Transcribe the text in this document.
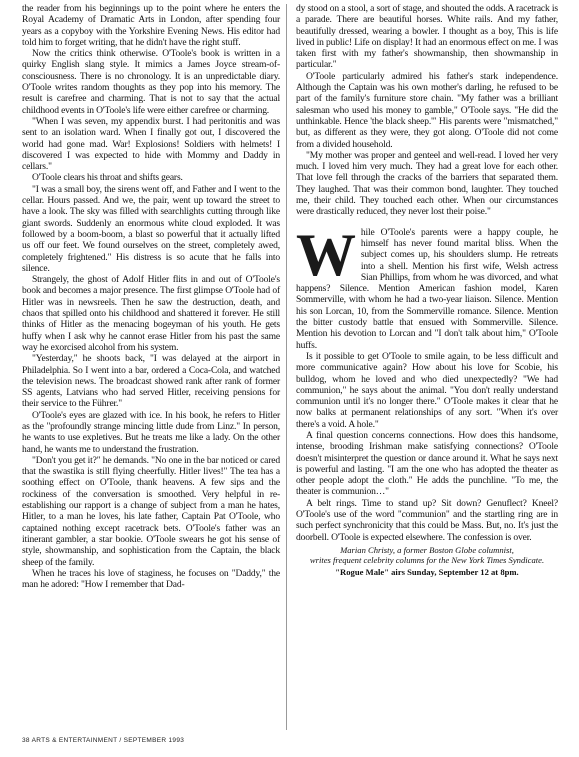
the reader from his beginnings up to the point where he enters the Royal Academy of Dramatic Arts in London, after spending four years as a copyboy with the Yorkshire Evening News. His editor had told him to forget writing, that he didn't have the right stuff.

Now the critics think otherwise. O'Toole's book is written in a quirky English slang style. It mimics a James Joyce stream-of-consciousness. There is no chronology. It is an unpredictable diary. O'Toole writes random thoughts as they pop into his memory. The result is carefree and charming. That is not to say that the actual childhood events in O'Toole's life were either carefree or charming.

"When I was seven, my appendix burst. I had peritonitis and was sent to an isolation ward. When I finally got out, I discovered the world had gone mad. War! Explosions! Soldiers with helmets! I discovered I was expected to hide with Mommy and Daddy in cellars."

O'Toole clears his throat and shifts gears.

"I was a small boy, the sirens went off, and Father and I went to the cellar. Hours passed. And we, the pair, went up toward the street to have a look. The sky was filled with searchlights cutting through like giant swords. Suddenly an enormous white cloud exploded. It was followed by a boom-boom, a blast so powerful that it actually lifted us off our feet. We found ourselves on the street, completely awed, completely frightened." His distress is so acute that he falls into silence.

Strangely, the ghost of Adolf Hitler flits in and out of O'Toole's book and becomes a major presence. The first glimpse O'Toole had of Hitler was in newsreels. Then he saw the destruction, death, and chaos that spilled onto his childhood and shattered it forever. He still thinks of Hitler as the menacing bogeyman of his youth. He gets huffy when I ask why he cannot erase Hitler from his past the same way he exorcised alcohol from his system.

"Yesterday," he shoots back, "I was delayed at the airport in Philadelphia. So I went into a bar, ordered a Coca-Cola, and watched the television news. The broadcast showed rank after rank of former SS agents, Latvians who had served Hitler, receiving pensions for their service to the Führer."

O'Toole's eyes are glazed with ice. In his book, he refers to Hitler as the "profoundly strange mincing little dude from Linz." In person, he wants to use expletives. But he treats me like a lady. On the other hand, he wants me to understand the frustration.

"Don't you get it?" he demands. "No one in the bar noticed or cared that the swastika is still flying cheerfully. Hitler lives!" The tea has a soothing effect on O'Toole, thank heavens. A few sips and the rockiness of the conversation is smoothed. Very helpful in re-establishing our rapport is a change of subject from a man he hates, Hitler, to a man he loves, his late father, Captain Pat O'Toole, who captained nothing except racetrack bets. O'Toole's father was an itinerant gambler, a star bookie. O'Toole swears he got his sense of style, showmanship, and sophistication from the Captain, the black sheep of the family.

When he traces his love of staginess, he focuses on "Daddy," the man he adored: "How I remember that Dad-

dy stood on a stool, a sort of stage, and shouted the odds. A racetrack is a parade. There are beautiful horses. White rails. And my father, beautifully dressed, wearing a bowler. I thought as a boy, This is life lived in public! Life on display! It had an enormous effect on me. I was taken first with my father's showmanship, then showmanship in particular."

O'Toole particularly admired his father's stark independence. Although the Captain was his own mother's darling, he refused to be part of the family's furniture store chain. "My father was a brilliant salesman who used his money to gamble," O'Toole says. "He did the unthinkable. Hence 'the black sheep.'" His parents were "mismatched," but, as different as they were, they got along. O'Toole did not come from a divided household.

"My mother was proper and genteel and well-read. I loved her very much. I loved him very much. They had a great love for each other. That love fell through the cracks of the barriers that separated them. They laughed. That was their common bond, laughter. They touched me, their child. They touched each other. When our circumstances were drastically reduced, they never lost their poise."

While O'Toole's parents were a happy couple, he himself has never found marital bliss. When the subject comes up, his shoulders slump. He retreats into a shell. Mention his first wife, Welsh actress Sian Phillips, from whom he was divorced, and what happens? Silence. Mention American fashion model, Karen Sommerville, with whom he had a two-year liaison. Silence. Mention his son Lorcan, 10, from the Sommerville romance. Silence. Mention the bitter custody battle that ensued with Sommerville. Silence. Mention his devotion to Lorcan and "I don't talk about him," O'Toole huffs.

Is it possible to get O'Toole to smile again, to be less difficult and more communicative again? How about his love for Scobie, his bulldog, whom he loved and who died unexpectedly? "We had communion," he says about the animal. "You don't really understand communion until it's no longer there." O'Toole makes it clear that he now balks at permanent relationships of any sort. "When it's over there's a void. A hole."

A final question concerns connections. How does this handsome, intense, brooding Irishman make satisfying connections? O'Toole doesn't misinterpret the question or dance around it. What he says next is powerful and lasting. "I am the one who has adopted the theater as other people adopt the cloth." He adds the punchline. "To me, the theater is communion…"

A belt rings. Time to stand up? Sit down? Genuflect? Kneel? O'Toole's use of the word "communion" and the startling ring are in such perfect synchronicity that this could be Mass. But, no. It's just the doorbell. O'Toole is expected elsewhere. The confession is over.

Marian Christy, a former Boston Globe columnist,
writes frequent celebrity columns for the New York Times Syndicate.
"Rogue Male" airs Sunday, September 12 at 8pm.
38 ARTS & ENTERTAINMENT / SEPTEMBER 1993
